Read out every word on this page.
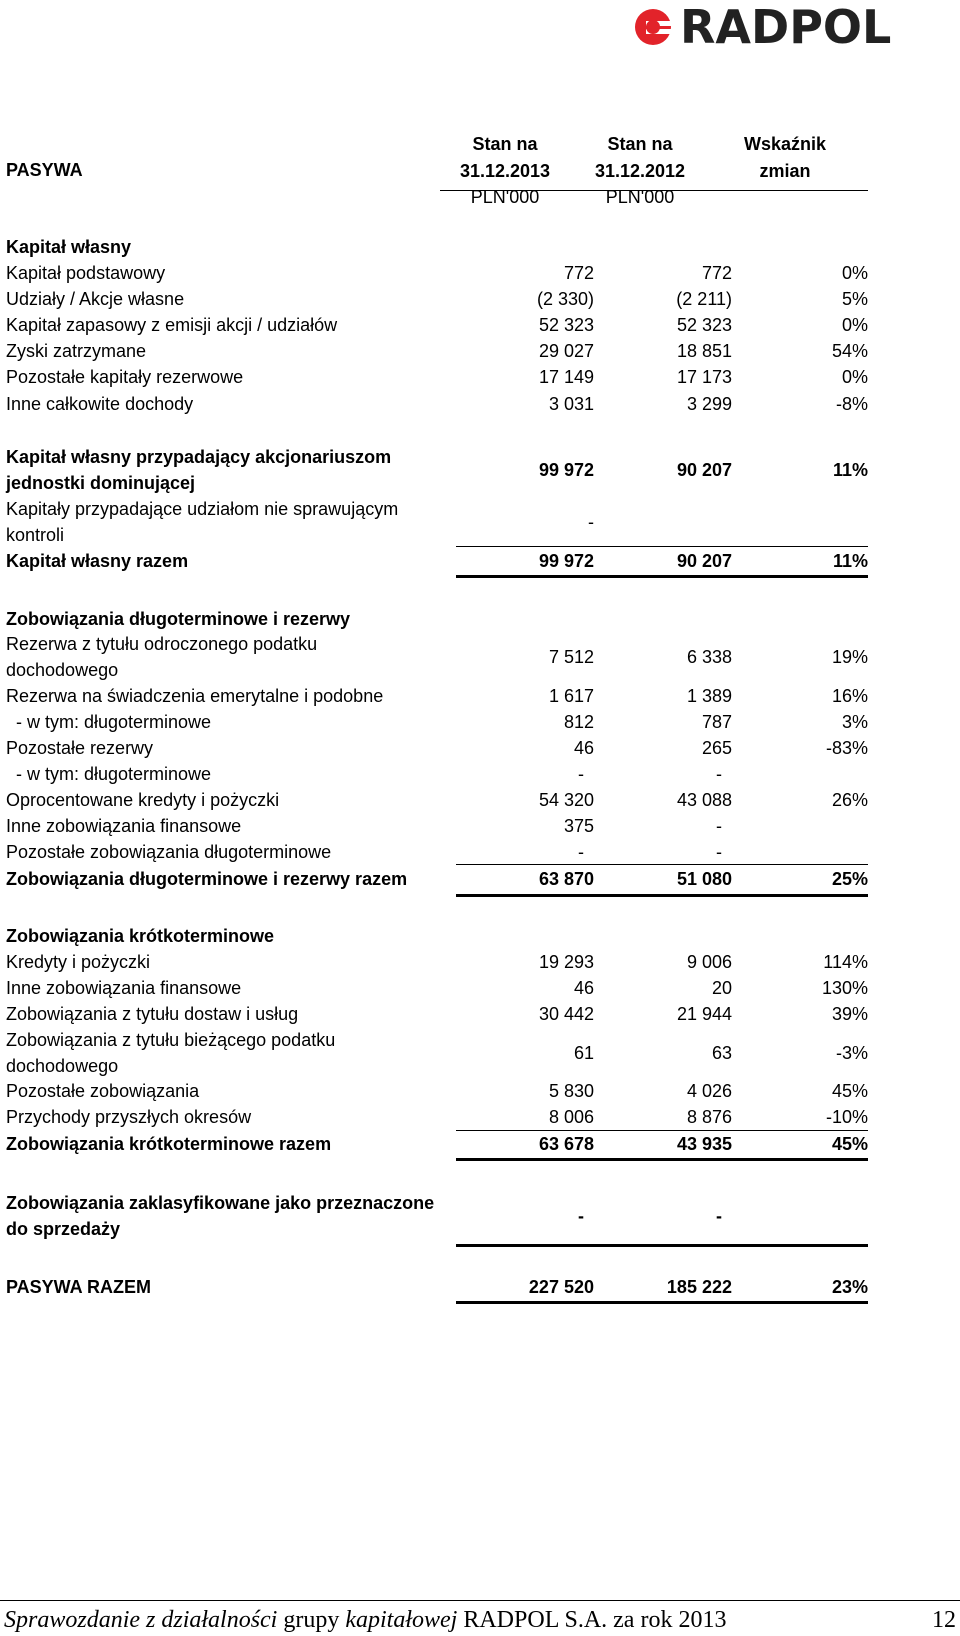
RADPOL
PASYWA
Stan na
31.12.2013
Stan na
31.12.2012
Wskaźnik
zmian
PLN'000	PLN'000
Kapitał własny
Kapitał podstawowy	772	772	0%
Udziały / Akcje własne	(2 330)	(2 211)	5%
Kapitał zapasowy z emisji akcji / udziałów	52 323	52 323	0%
Zyski zatrzymane	29 027	18 851	54%
Pozostałe kapitały rezerwowe	17 149	17 173	0%
Inne całkowite dochody	3 031	3 299	-8%
Kapitał własny przypadający akcjonariuszom
jednostki dominującej
99 972	90 207	11%
Kapitały przypadające udziałom nie sprawującym
kontroli
-
Kapitał własny razem	99 972	90 207	11%
Zobowiązania długoterminowe i rezerwy
Rezerwa z tytułu odroczonego podatku
dochodowego
7 512	6 338	19%
Rezerwa na świadczenia emerytalne i podobne	1 617	1 389	16%
- w tym: długoterminowe	812	787	3%
Pozostałe rezerwy	46	265	-83%
- w tym: długoterminowe	-	-
Oprocentowane kredyty i pożyczki	54 320	43 088	26%
Inne zobowiązania finansowe	375	-
Pozostałe zobowiązania długoterminowe	-	-
Zobowiązania długoterminowe i rezerwy razem	63 870	51 080	25%
Zobowiązania krótkoterminowe
Kredyty i pożyczki	19 293	9 006	114%
Inne zobowiązania finansowe	46	20	130%
Zobowiązania z tytułu dostaw i usług	30 442	21 944	39%
Zobowiązania z tytułu bieżącego podatku
dochodowego
61	63	-3%
Pozostałe zobowiązania	5 830	4 026	45%
Przychody przyszłych okresów	8 006	8 876	-10%
Zobowiązania krótkoterminowe razem	63 678	43 935	45%
Zobowiązania zaklasyfikowane jako przeznaczone
do sprzedaży
-	-
PASYWA RAZEM	227 520	185 222	23%
Sprawozdanie z działalności grupy kapitałowej RADPOL S.A. za rok 2013	12
